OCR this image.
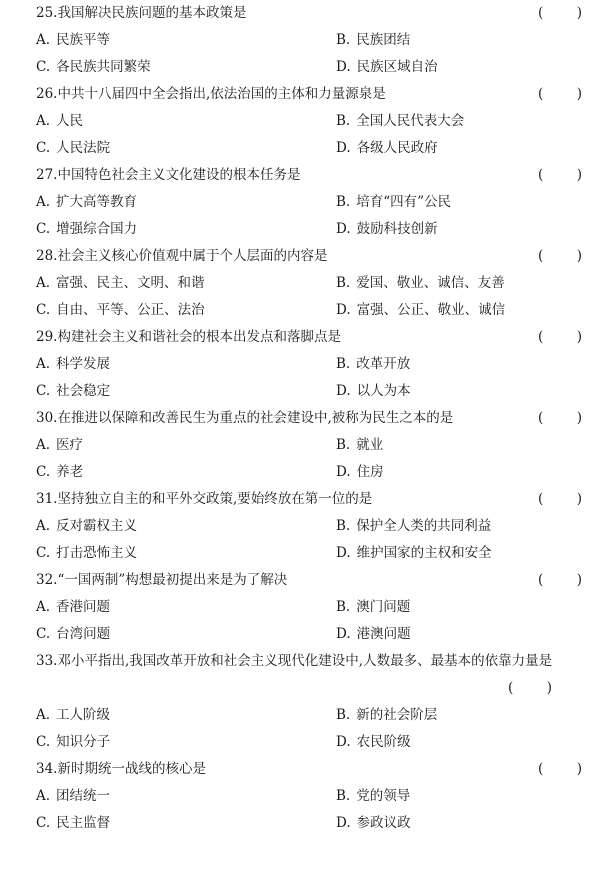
25. 我国解决民族问题的基本政策是	( )
A. 民族平等	B. 民族团结
C. 各民族共同繁荣	D. 民族区域自治
26. 中共十八届四中全会指出,依法治国的主体和力量源泉是	( )
A. 人民	B. 全国人民代表大会
C. 人民法院	D. 各级人民政府
27. 中国特色社会主义文化建设的根本任务是	( )
A. 扩大高等教育	B. 培育“四有”公民
C. 增强综合国力	D. 鼓励科技创新
28. 社会主义核心价值观中属于个人层面的内容是	( )
A. 富强、民主、文明、和谐	B. 爱国、敬业、诚信、友善
C. 自由、平等、公正、法治	D. 富强、公正、敬业、诚信
29. 构建社会主义和谐社会的根本出发点和落脚点是	( )
A. 科学发展	B. 改革开放
C. 社会稳定	D. 以人为本
30. 在推进以保障和改善民生为重点的社会建设中,被称为民生之本的是	( )
A. 医疗	B. 就业
C. 养老	D. 住房
31. 坚持独立自主的和平外交政策,要始终放在第一位的是	( )
A. 反对霸权主义	B. 保护全人类的共同利益
C. 打击恐怖主义	D. 维护国家的主权和安全
32. “一国两制”构想最初提出来是为了解决	( )
A. 香港问题	B. 澳门问题
C. 台湾问题	D. 港澳问题
33. 邓小平指出,我国改革开放和社会主义现代化建设中,人数最多、最基本的依靠力量是
( )
A. 工人阶级	B. 新的社会阶层
C. 知识分子	D. 农民阶级
34. 新时期统一战线的核心是	( )
A. 团结统一	B. 党的领导
C. 民主监督	D. 参政议政
